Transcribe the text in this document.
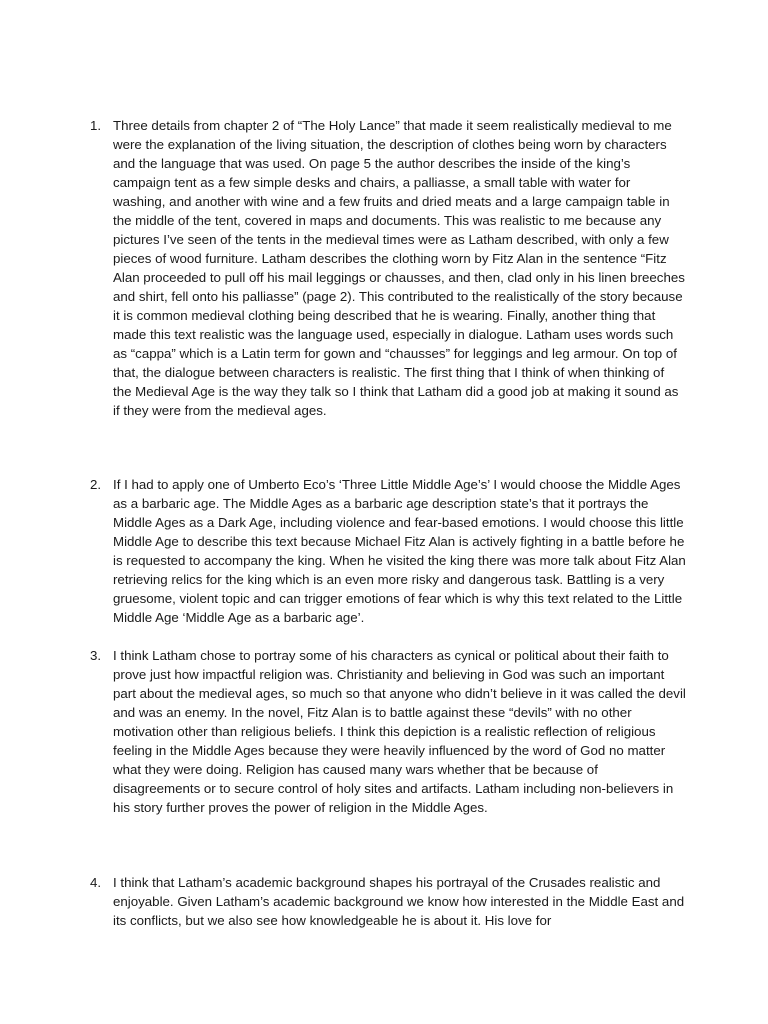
1. Three details from chapter 2 of “The Holy Lance” that made it seem realistically medieval to me were the explanation of the living situation, the description of clothes being worn by characters and the language that was used. On page 5 the author describes the inside of the king’s campaign tent as a few simple desks and chairs, a palliasse, a small table with water for washing, and another with wine and a few fruits and dried meats and a large campaign table in the middle of the tent, covered in maps and documents. This was realistic to me because any pictures I’ve seen of the tents in the medieval times were as Latham described, with only a few pieces of wood furniture. Latham describes the clothing worn by Fitz Alan in the sentence “Fitz Alan proceeded to pull off his mail leggings or chausses, and then, clad only in his linen breeches and shirt, fell onto his palliasse” (page 2). This contributed to the realistically of the story because it is common medieval clothing being described that he is wearing. Finally, another thing that made this text realistic was the language used, especially in dialogue. Latham uses words such as “cappa” which is a Latin term for gown and “chausses” for leggings and leg armour. On top of that, the dialogue between characters is realistic. The first thing that I think of when thinking of the Medieval Age is the way they talk so I think that Latham did a good job at making it sound as if they were from the medieval ages.
2. If I had to apply one of Umberto Eco’s ‘Three Little Middle Age’s’ I would choose the Middle Ages as a barbaric age. The Middle Ages as a barbaric age description state’s that it portrays the Middle Ages as a Dark Age, including violence and fear-based emotions. I would choose this little Middle Age to describe this text because Michael Fitz Alan is actively fighting in a battle before he is requested to accompany the king. When he visited the king there was more talk about Fitz Alan retrieving relics for the king which is an even more risky and dangerous task. Battling is a very gruesome, violent topic and can trigger emotions of fear which is why this text related to the Little Middle Age ‘Middle Age as a barbaric age’.
3. I think Latham chose to portray some of his characters as cynical or political about their faith to prove just how impactful religion was. Christianity and believing in God was such an important part about the medieval ages, so much so that anyone who didn’t believe in it was called the devil and was an enemy. In the novel, Fitz Alan is to battle against these “devils” with no other motivation other than religious beliefs. I think this depiction is a realistic reflection of religious feeling in the Middle Ages because they were heavily influenced by the word of God no matter what they were doing. Religion has caused many wars whether that be because of disagreements or to secure control of holy sites and artifacts. Latham including non-believers in his story further proves the power of religion in the Middle Ages.
4. I think that Latham’s academic background shapes his portrayal of the Crusades realistic and enjoyable. Given Latham’s academic background we know how interested in the Middle East and its conflicts, but we also see how knowledgeable he is about it. His love for
